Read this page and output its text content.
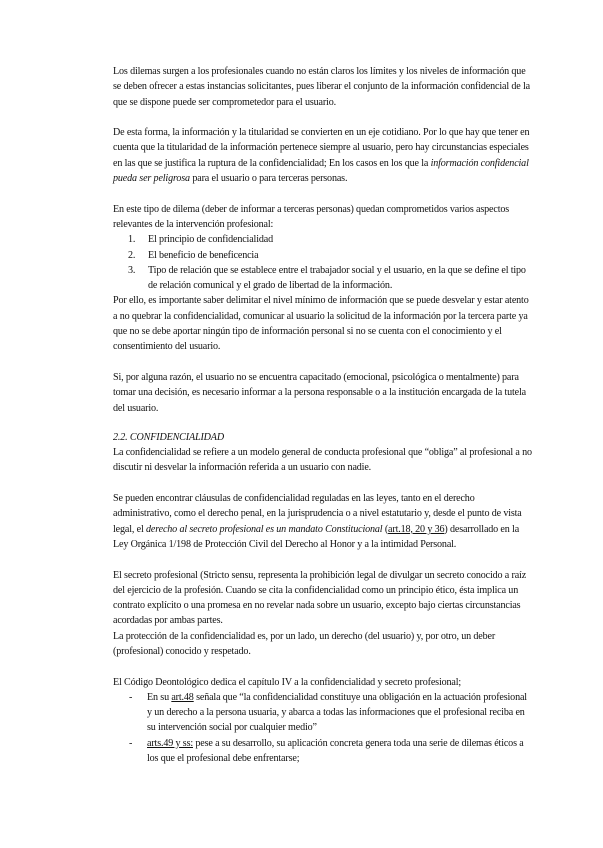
Los dilemas surgen a los profesionales cuando no están claros los límites y los niveles de información que se deben ofrecer a estas instancias solicitantes, pues liberar el conjunto de la información confidencial de la que se dispone puede ser comprometedor para el usuario.

De esta forma, la información y la titularidad se convierten en un eje cotidiano. Por lo que hay que tener en cuenta que la titularidad de la información pertenece siempre al usuario, pero hay circunstancias especiales en las que se justifica la ruptura de la confidencialidad; En los casos en los que la información confidencial pueda ser peligrosa para el usuario o para terceras personas.

En este tipo de dilema (deber de informar a terceras personas) quedan comprometidos varios aspectos relevantes de la intervención profesional:

1.	El principio de confidencialidad
2.	El beneficio de beneficencia
3.	Tipo de relación que se establece entre el trabajador social y el usuario, en la que se define el tipo de relación comunical y el grado de libertad de la información.

Por ello, es importante saber delimitar el nivel mínimo de información que se puede desvelar y estar atento a no quebrar la confidencialidad, comunicar al usuario la solicitud de la información por la tercera parte ya que no se debe aportar ningún tipo de información personal si no se cuenta con el conocimiento y el consentimiento del usuario.

Si, por alguna razón, el usuario no se encuentra capacitado (emocional, psicológica o mentalmente) para tomar una decisión, es necesario informar a la persona responsable o a la institución encargada de la tutela del usuario.

2.2. CONFIDENCIALIDAD

La confidencialidad se refiere a un modelo general de conducta profesional que “obliga” al profesional a no discutir ni desvelar la información referida a un usuario con nadie.

Se pueden encontrar cláusulas de confidencialidad reguladas en las leyes, tanto en el derecho administrativo, como el derecho penal, en la jurisprudencia o a nivel estatutario y, desde el punto de vista legal, el derecho al secreto profesional es un mandato Constitucional (art.18, 20 y 36) desarrollado en la Ley Orgánica 1/198 de Protección Civil del Derecho al Honor y a la intimidad Personal.

El secreto profesional (Stricto sensu, representa la prohibición legal de divulgar un secreto conocido a raíz del ejercicio de la profesión. Cuando se cita la confidencialidad como un principio ético, ésta implica un contrato explícito o una promesa en no revelar nada sobre un usuario, excepto bajo ciertas circunstancias acordadas por ambas partes.

La protección de la confidencialidad es, por un lado, un derecho (del usuario) y, por otro, un deber (profesional) conocido y respetado.

El Código Deontológico dedica el capítulo IV a la confidencialidad y secreto profesional;

-	En su art.48 señala que “la confidencialidad constituye una obligación en la actuación profesional y un derecho a la persona usuaria, y abarca a todas las informaciones que el profesional reciba en su intervención social por cualquier medio”
-	arts.49 y ss: pese a su desarrollo, su aplicación concreta genera toda una serie de dilemas éticos a los que el profesional debe enfrentarse;
